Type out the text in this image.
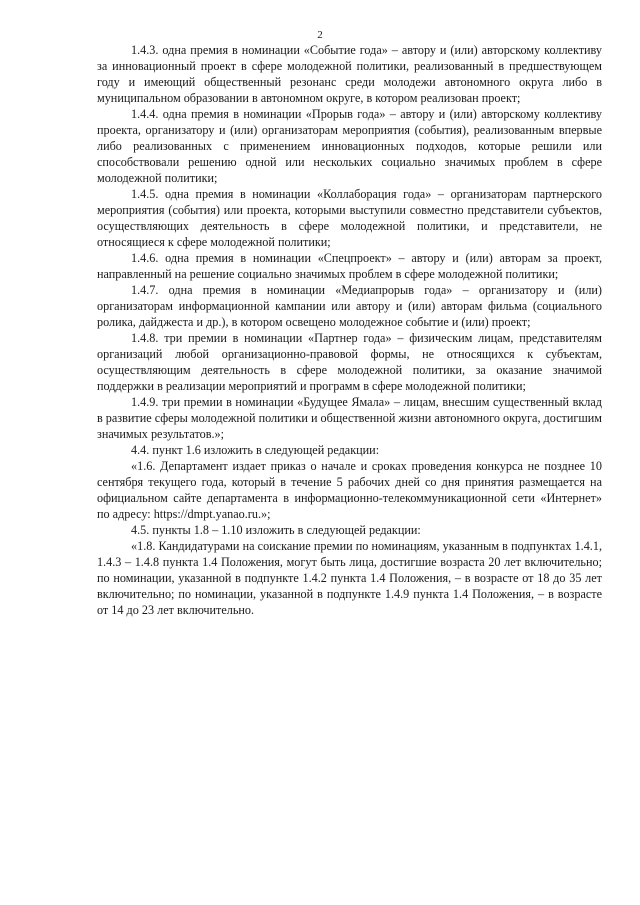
2

1.4.3. одна премия в номинации «Событие года» – автору и (или) авторскому коллективу за инновационный проект в сфере молодежной политики, реализованный в предшествующем году и имеющий общественный резонанс среди молодежи автономного округа либо в муниципальном образовании в автономном округе, в котором реализован проект;

1.4.4. одна премия в номинации «Прорыв года» – автору и (или) авторскому коллективу проекта, организатору и (или) организаторам мероприятия (события), реализованным впервые либо реализованных с применением инновационных подходов, которые решили или способствовали решению одной или нескольких социально значимых проблем в сфере молодежной политики;

1.4.5. одна премия в номинации «Коллаборация года» – организаторам партнерского мероприятия (события) или проекта, которыми выступили совместно представители субъектов, осуществляющих деятельность в сфере молодежной политики, и представители, не относящиеся к сфере молодежной политики;

1.4.6. одна премия в номинации «Спецпроект» – автору и (или) авторам за проект, направленный на решение социально значимых проблем в сфере молодежной политики;

1.4.7. одна премия в номинации «Медиапрорыв года» – организатору и (или) организаторам информационной кампании или автору и (или) авторам фильма (социального ролика, дайджеста и др.), в котором освещено молодежное событие и (или) проект;

1.4.8. три премии в номинации «Партнер года» – физическим лицам, представителям организаций любой организационно-правовой формы, не относящихся к субъектам, осуществляющим деятельность в сфере молодежной политики, за оказание значимой поддержки в реализации мероприятий и программ в сфере молодежной политики;

1.4.9. три премии в номинации «Будущее Ямала» – лицам, внесшим существенный вклад в развитие сферы молодежной политики и общественной жизни автономного округа, достигшим значимых результатов.»;

4.4. пункт 1.6 изложить в следующей редакции:

«1.6. Департамент издает приказ о начале и сроках проведения конкурса не позднее 10 сентября текущего года, который в течение 5 рабочих дней со дня принятия размещается на официальном сайте департамента в информационно-телекоммуникационной сети «Интернет» по адресу: https://dmpt.yanao.ru.»;

4.5. пункты 1.8 – 1.10 изложить в следующей редакции:

«1.8. Кандидатурами на соискание премии по номинациям, указанным в подпунктах 1.4.1, 1.4.3 – 1.4.8 пункта 1.4 Положения, могут быть лица, достигшие возраста 20 лет включительно; по номинации, указанной в подпункте 1.4.2 пункта 1.4 Положения, – в возрасте от 18 до 35 лет включительно; по номинации, указанной в подпункте 1.4.9 пункта 1.4 Положения, – в возрасте от 14 до 23 лет включительно.
